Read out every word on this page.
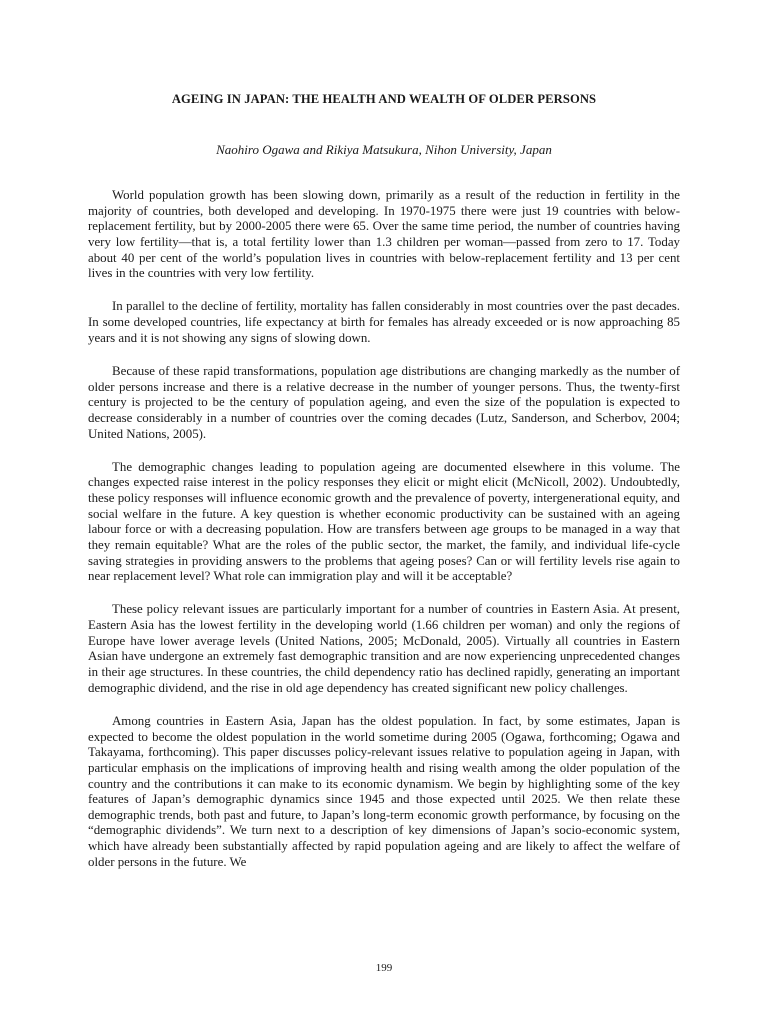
AGEING IN JAPAN: THE HEALTH AND WEALTH OF OLDER PERSONS

Naohiro Ogawa and Rikiya Matsukura, Nihon University, Japan

World population growth has been slowing down, primarily as a result of the reduction in fertility in the majority of countries, both developed and developing. In 1970-1975 there were just 19 countries with below-replacement fertility, but by 2000-2005 there were 65. Over the same time period, the number of countries having very low fertility—that is, a total fertility lower than 1.3 children per woman—passed from zero to 17. Today about 40 per cent of the world’s population lives in countries with below-replacement fertility and 13 per cent lives in the countries with very low fertility.

In parallel to the decline of fertility, mortality has fallen considerably in most countries over the past decades. In some developed countries, life expectancy at birth for females has already exceeded or is now approaching 85 years and it is not showing any signs of slowing down.

Because of these rapid transformations, population age distributions are changing markedly as the number of older persons increase and there is a relative decrease in the number of younger persons. Thus, the twenty-first century is projected to be the century of population ageing, and even the size of the population is expected to decrease considerably in a number of countries over the coming decades (Lutz, Sanderson, and Scherbov, 2004; United Nations, 2005).

The demographic changes leading to population ageing are documented elsewhere in this volume. The changes expected raise interest in the policy responses they elicit or might elicit (McNicoll, 2002). Undoubtedly, these policy responses will influence economic growth and the prevalence of poverty, intergenerational equity, and social welfare in the future. A key question is whether economic productivity can be sustained with an ageing labour force or with a decreasing population. How are transfers between age groups to be managed in a way that they remain equitable? What are the roles of the public sector, the market, the family, and individual life-cycle saving strategies in providing answers to the problems that ageing poses? Can or will fertility levels rise again to near replacement level? What role can immigration play and will it be acceptable?

These policy relevant issues are particularly important for a number of countries in Eastern Asia. At present, Eastern Asia has the lowest fertility in the developing world (1.66 children per woman) and only the regions of Europe have lower average levels (United Nations, 2005; McDonald, 2005). Virtually all countries in Eastern Asian have undergone an extremely fast demographic transition and are now experiencing unprecedented changes in their age structures. In these countries, the child dependency ratio has declined rapidly, generating an important demographic dividend, and the rise in old age dependency has created significant new policy challenges.

Among countries in Eastern Asia, Japan has the oldest population. In fact, by some estimates, Japan is expected to become the oldest population in the world sometime during 2005 (Ogawa, forthcoming; Ogawa and Takayama, forthcoming). This paper discusses policy-relevant issues relative to population ageing in Japan, with particular emphasis on the implications of improving health and rising wealth among the older population of the country and the contributions it can make to its economic dynamism. We begin by highlighting some of the key features of Japan’s demographic dynamics since 1945 and those expected until 2025. We then relate these demographic trends, both past and future, to Japan’s long-term economic growth performance, by focusing on the “demographic dividends”. We turn next to a description of key dimensions of Japan’s socio-economic system, which have already been substantially affected by rapid population ageing and are likely to affect the welfare of older persons in the future. We

199
